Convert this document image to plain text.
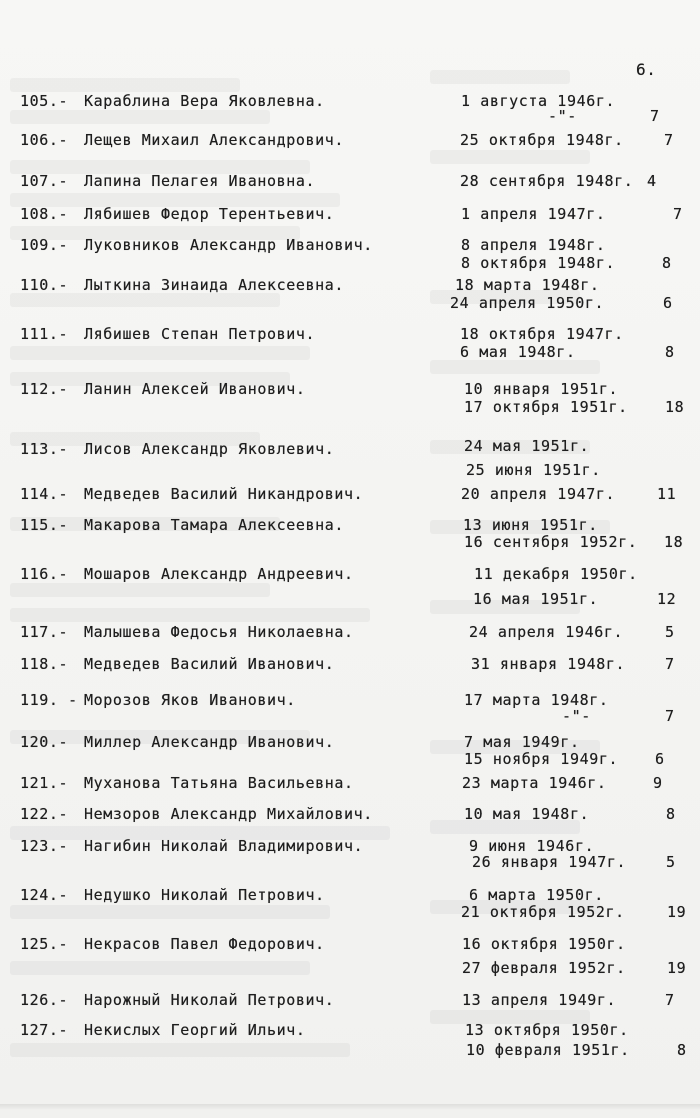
6.
105.- Караблина Вера Яковлевна.	1 августа 1946г.
-"-	7
106.- Лещев Михаил Александрович.	25 октября 1948г.	7
107.- Лапина Пелагея Ивановна.	28 сентября 1948г. 4
108.- Лябишев Федор Терентьевич.	1 апреля 1947г.	7
109.- Луковников Александр Иванович.	8 апреля 1948г.
8 октября 1948г.	8
110.- Лыткина Зинаида Алексеевна.	18 марта 1948г.
24 апреля 1950г.	6
111.- Лябишев Степан Петрович.	18 октября 1947г.
6 мая 1948г.	8
112.- Ланин Алексей Иванович.	10 января 1951г.
17 октября 1951г. 18
113.- Лисов Александр Яковлевич.	24 мая 1951г.
25 июня 1951г.
114.- Медведев Василий Никандрович.	20 апреля 1947г.	11
115.- Макарова Тамара Алексеевна.	13 июня 1951г.
16 сентября 1952г. 18
116.- Мошаров Александр Андреевич.	11 декабря 1950г.
16 мая 1951г.	12
117.- Малышева Федосья Николаевна.	24 апреля 1946г.	5
118.- Медведев Василий Иванович.	31 января 1948г.	7
119. - Морозов Яков Иванович.	17 марта 1948г.
-"-	7
120.- Миллер Александр Иванович.	7 мая 1949г.
15 ноября 1949г. 6
121.- Муханова Татьяна Васильевна.	23 марта 1946г.	9
122.- Немзоров Александр Михайлович.	10 мая 1948г.	8
123.- Нагибин Николай Владимирович.	9 июня 1946г.
26 января 1947г.	5
124.- Недушко Николай Петрович.	6 марта 1950г.
21 октября 1952г.	19
125.- Некрасов Павел Федорович.	16 октября 1950г.
27 февраля 1952г.	19
126.- Нарожный Николай Петрович.	13 апреля 1949г.	7
127.- Некислых Георгий Ильич.	13 октября 1950г.
10 февраля 1951г.	8
